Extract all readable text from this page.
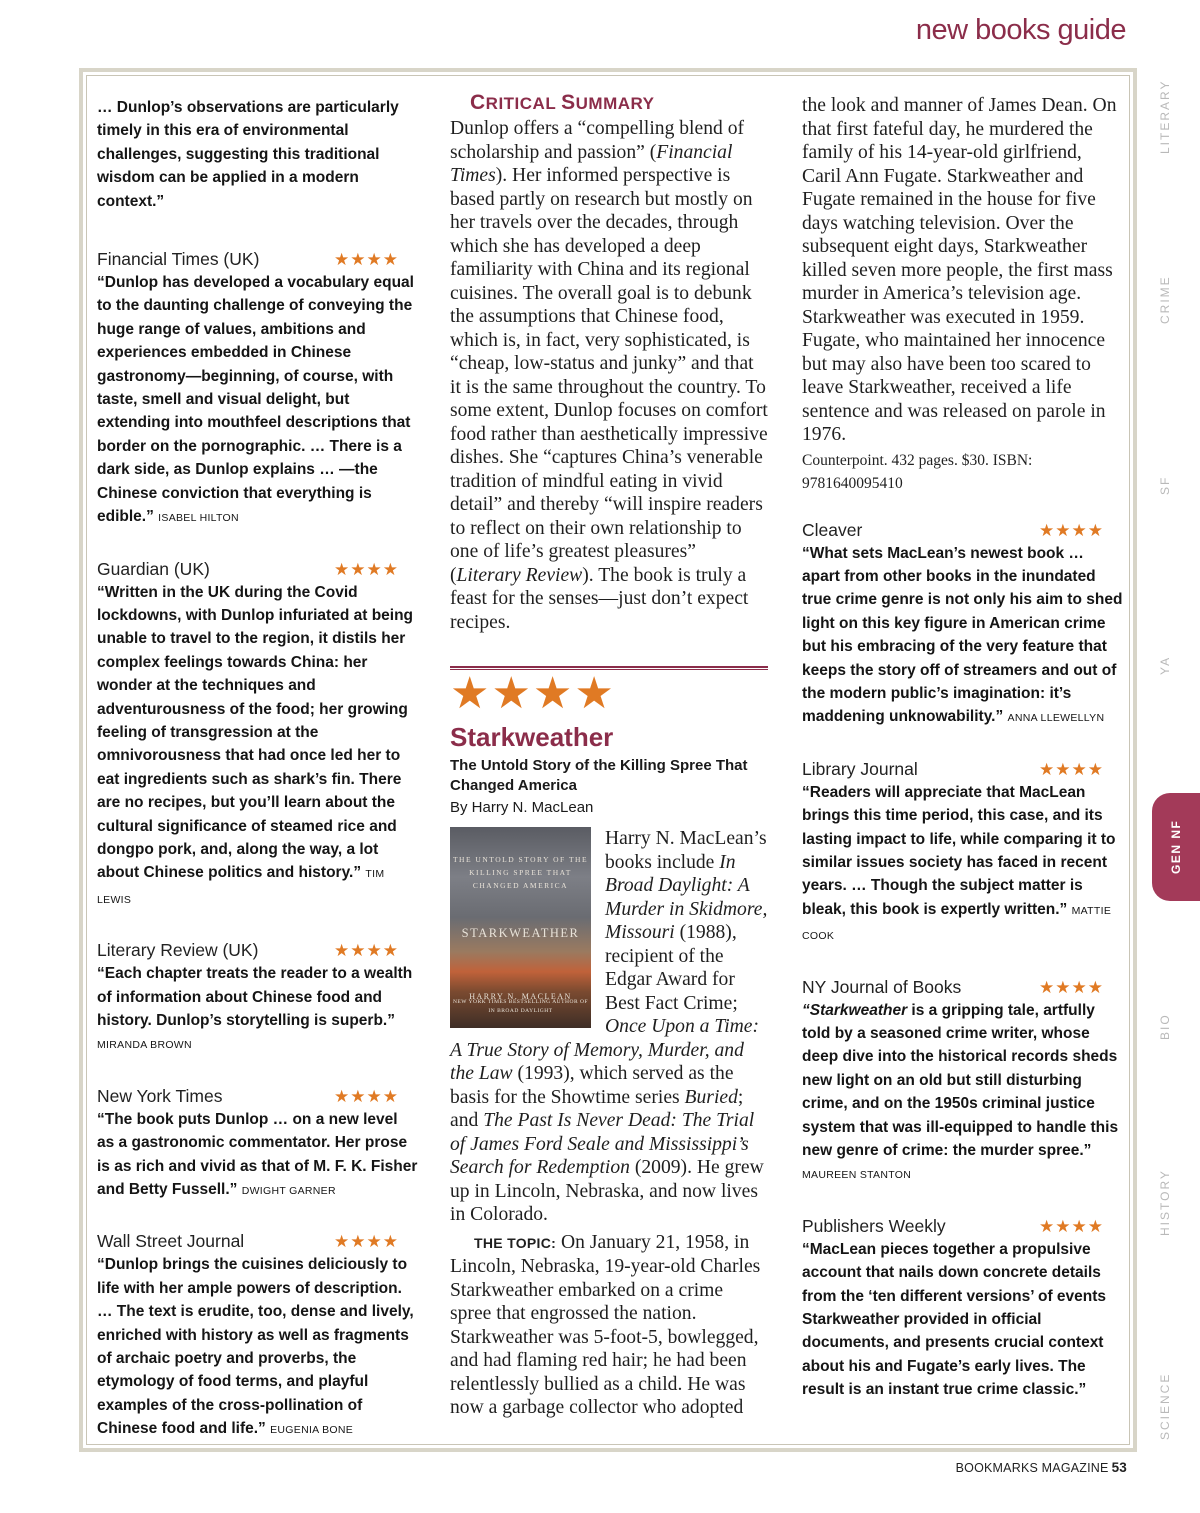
new books guide
LITERARY
CRIME
SF
YA
GEN NF
BIO
HISTORY
SCIENCE
… Dunlop’s observations are particularly timely in this era of environmental challenges, suggesting this traditional wisdom can be applied in a modern context.”
Financial Times (UK)	★★★★
“Dunlop has developed a vocabulary equal to the daunting challenge of conveying the huge range of values, ambitions and experiences embedded in Chinese gastronomy—beginning, of course, with taste, smell and visual delight, but extending into mouthfeel descriptions that border on the pornographic. … There is a dark side, as Dunlop explains … —the Chinese conviction that everything is edible.” ISABEL HILTON
Guardian (UK)	★★★★
“Written in the UK during the Covid lockdowns, with Dunlop infuriated at being unable to travel to the region, it distils her complex feelings towards China: her wonder at the techniques and adventurousness of the food; her growing feeling of transgression at the omnivorousness that had once led her to eat ingredients such as shark’s fin. There are no recipes, but you’ll learn about the cultural significance of steamed rice and dongpo pork, and, along the way, a lot about Chinese politics and history.” TIM LEWIS
Literary Review (UK)	★★★★
“Each chapter treats the reader to a wealth of information about Chinese food and history. Dunlop’s storytelling is superb.” MIRANDA BROWN
New York Times	★★★★
“The book puts Dunlop … on a new level as a gastronomic commentator. Her prose is as rich and vivid as that of M. F. K. Fisher and Betty Fussell.” DWIGHT GARNER
Wall Street Journal	★★★★
“Dunlop brings the cuisines deliciously to life with her ample powers of description. … The text is erudite, too, dense and lively, enriched with history as well as fragments of archaic poetry and proverbs, the etymology of food terms, and playful examples of the cross-pollination of Chinese food and life.” EUGENIA BONE
CRITICAL SUMMARY
Dunlop offers a “compelling blend of scholarship and passion” (Financial Times). Her informed perspective is based partly on research but mostly on her travels over the decades, through which she has developed a deep familiarity with China and its regional cuisines. The overall goal is to debunk the assumptions that Chinese food, which is, in fact, very sophisticated, is “cheap, low-status and junky” and that it is the same throughout the country. To some extent, Dunlop focuses on comfort food rather than aesthetically impressive dishes. She “captures China’s venerable tradition of mindful eating in vivid detail” and thereby “will inspire readers to reflect on their own relationship to one of life’s greatest pleasures” (Literary Review). The book is truly a feast for the senses—just don’t expect recipes.
★★★★
Starkweather
The Untold Story of the Killing Spree That Changed America
By Harry N. MacLean
THE UNTOLD STORY OF THE KILLING SPREE THAT CHANGED AMERICA
STARKWEATHER
HARRY N. MACLEAN
NEW YORK TIMES BESTSELLING AUTHOR OF IN BROAD DAYLIGHT
Harry N. MacLean’s books include In Broad Daylight: A Murder in Skidmore, Missouri (1988), recipient of the Edgar Award for Best Fact Crime; Once Upon a Time: A True Story of Memory, Murder, and the Law (1993), which served as the basis for the Showtime series Buried; and The Past Is Never Dead: The Trial of James Ford Seale and Mississippi’s Search for Redemption (2009). He grew up in Lincoln, Nebraska, and now lives in Colorado.
THE TOPIC: On January 21, 1958, in Lincoln, Nebraska, 19-year-old Charles Starkweather embarked on a crime spree that engrossed the nation. Starkweather was 5-foot-5, bowlegged, and had flaming red hair; he had been relentlessly bullied as a child. He was now a garbage collector who adopted
the look and manner of James Dean. On that first fateful day, he murdered the family of his 14-year-old girlfriend, Caril Ann Fugate. Starkweather and Fugate remained in the house for five days watching television. Over the subsequent eight days, Starkweather killed seven more people, the first mass murder in America’s television age. Starkweather was executed in 1959. Fugate, who maintained her innocence but may also have been too scared to leave Starkweather, received a life sentence and was released on parole in 1976.
Counterpoint. 432 pages. $30. ISBN: 9781640095410
Cleaver	★★★★
“What sets MacLean’s newest book … apart from other books in the inundated true crime genre is not only his aim to shed light on this key figure in American crime but his embracing of the very feature that keeps the story off of streamers and out of the modern public’s imagination: it’s maddening unknowability.” ANNA LLEWELLYN
Library Journal	★★★★
“Readers will appreciate that MacLean brings this time period, this case, and its lasting impact to life, while comparing it to similar issues society has faced in recent years. … Though the subject matter is bleak, this book is expertly written.” MATTIE COOK
NY Journal of Books	★★★★
“Starkweather is a gripping tale, artfully told by a seasoned crime writer, whose deep dive into the historical records sheds new light on an old but still disturbing crime, and on the 1950s criminal justice system that was ill-equipped to handle this new genre of crime: the murder spree.” MAUREEN STANTON
Publishers Weekly	★★★★
“MacLean pieces together a propulsive account that nails down concrete details from the ‘ten different versions’ of events Starkweather provided in official documents, and presents crucial context about his and Fugate’s early lives. The result is an instant true crime classic.”
BOOKMARKS MAGAZINE 53
